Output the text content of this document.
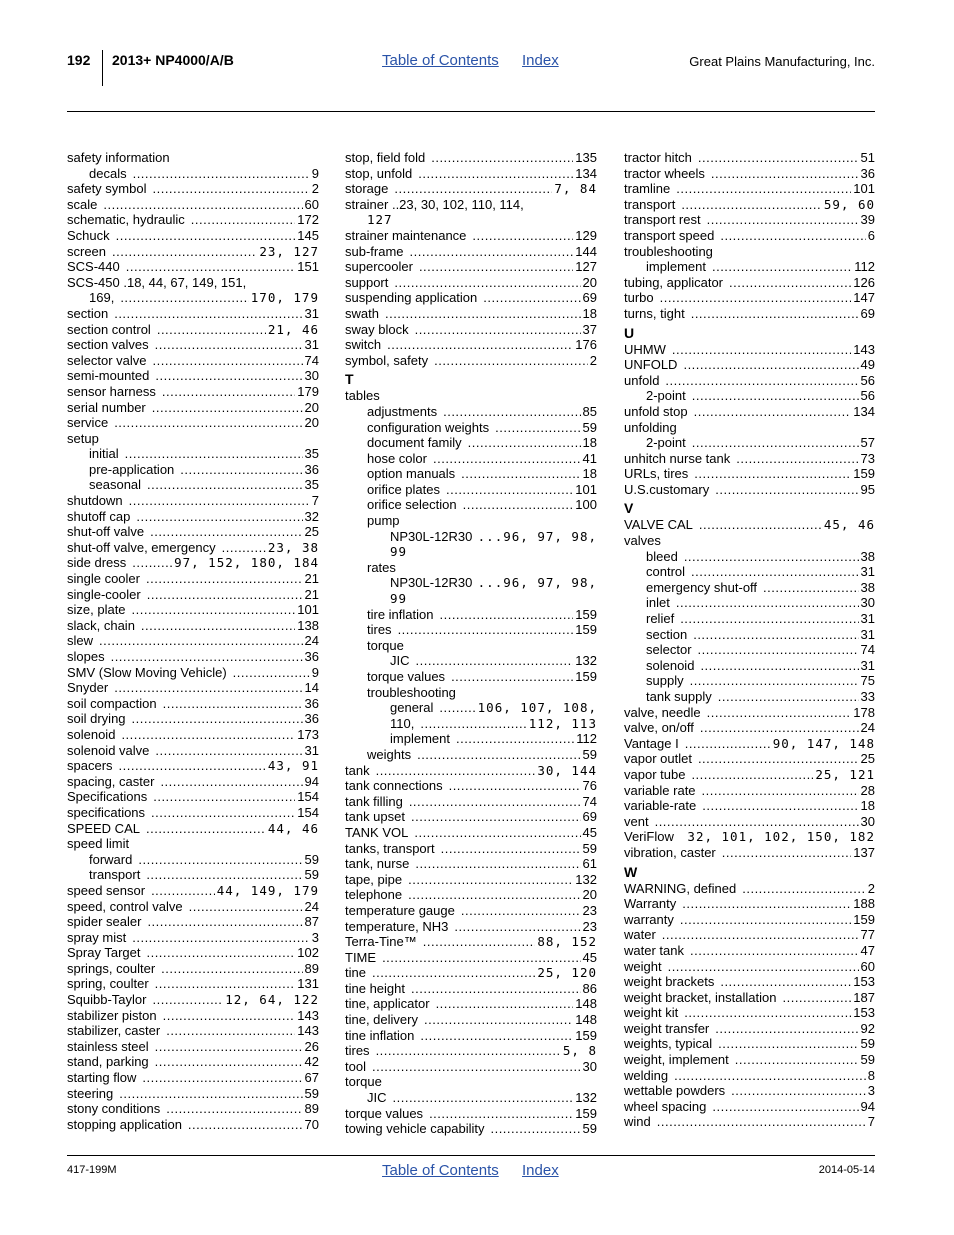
192 2013+ NP4000/A/B	Table of Contents Index	Great Plains Manufacturing, Inc.
safety information
decals .....	9
safety symbol .....	2
scale .....	60
schematic, hydraulic .....	172
Schuck .....	145
screen .....	23, 127
SCS-440 .....	151
SCS-450 .18, 44, 67, 149, 151,
169, .....	170, 179
section .....	31
section control .....	21, 46
section valves .....	31
selector valve .....	74
semi-mounted .....	30
sensor harness .....	179
serial number .....	20
service .....	20
setup
initial .....	35
pre-application .....	36
seasonal .....	35
shutdown .....	7
shutoff cap .....	32
shut-off valve .....	25
shut-off valve, emergency .....	23, 38
side dress .....	97, 152, 180, 184
single cooler .....	21
single-cooler .....	21
size, plate .....	101
slack, chain .....	138
slew .....	24
slopes .....	36
SMV (Slow Moving Vehicle) .....	9
Snyder .....	14
soil compaction .....	36
soil drying .....	36
solenoid .....	173
solenoid valve .....	31
spacers .....	43, 91
spacing, caster .....	94
Specifications .....	154
specifications .....	154
SPEED CAL .....	44, 46
speed limit
forward .....	59
transport .....	59
speed sensor .....	44, 149, 179
speed, control valve .....	24
spider sealer .....	87
spray mist .....	3
Spray Target .....	102
springs, coulter .....	89
spring, coulter .....	131
Squibb-Taylor .....	12, 64, 122
stabilizer piston .....	143
stabilizer, caster .....	143
stainless steel .....	26
stand, parking .....	42
starting flow .....	67
steering .....	59
stony conditions .....	89
stopping application .....	70
stop, field fold .....	135
stop, unfold .....	134
storage .....	7, 84
strainer ..23, 30, 102, 110, 114,
127
strainer maintenance .....	129
sub-frame .....	144
supercooler .....	127
support .....	20
suspending application .....	69
swath .....	18
sway block .....	37
switch .....	176
symbol, safety .....	2
T
tables
adjustments .....	85
configuration weights .....	59
document family .....	18
hose color .....	41
option manuals .....	18
orifice plates .....	101
orifice selection .....	100
pump
NP30L-12R30 ...96, 97, 98,
99
rates
NP30L-12R30 ...96, 97, 98,
99
tire inflation .....	159
tires .....	159
torque
JIC .....	132
torque values .....	159
troubleshooting
general .....	106, 107, 108,
110, .....	112, 113
implement .....	112
weights .....	59
tank .....	30, 144
tank connections .....	76
tank filling .....	74
tank upset .....	69
TANK VOL .....	45
tanks, transport .....	59
tank, nurse .....	61
tape, pipe .....	132
telephone .....	20
temperature gauge .....	23
temperature, NH3 .....	23
Terra-Tine™ .....	88, 152
TIME .....	45
tine .....	25, 120
tine height .....	86
tine, applicator .....	148
tine, delivery .....	148
tine inflation .....	159
tires .....	5, 8
tool .....	30
torque
JIC .....	132
torque values .....	159
towing vehicle capability .....	59
tractor hitch .....	51
tractor wheels .....	36
tramline .....	101
transport .....	59, 60
transport rest .....	39
transport speed .....	6
troubleshooting
implement .....	112
tubing, applicator .....	126
turbo .....	147
turns, tight .....	69
U
UHMW .....	143
UNFOLD .....	49
unfold .....	56
2-point .....	56
unfold stop .....	134
unfolding
2-point .....	57
unhitch nurse tank .....	73
URLs, tires .....	159
U.S.customary .....	95
V
VALVE CAL .....	45, 46
valves
bleed .....	38
control .....	31
emergency shut-off .....	38
inlet .....	30
relief .....	31
section .....	31
selector .....	74
solenoid .....	31
supply .....	75
tank supply .....	33
valve, needle .....	178
valve, on/off .....	24
Vantage I .....	90, 147, 148
vapor outlet .....	25
vapor tube .....	25, 121
variable rate .....	28
variable-rate .....	18
vent .....	30
VeriFlow 32, 101, 102, 150, 182
vibration, caster .....	137
W
WARNING, defined .....	2
Warranty .....	188
warranty .....	159
water .....	77
water tank .....	47
weight .....	60
weight brackets .....	153
weight bracket, installation .....	187
weight kit .....	153
weight transfer .....	92
weights, typical .....	59
weight, implement .....	59
welding .....	8
wettable powders .....	3
wheel spacing .....	94
wind .....	7
417-199M	Table of Contents Index	2014-05-14
